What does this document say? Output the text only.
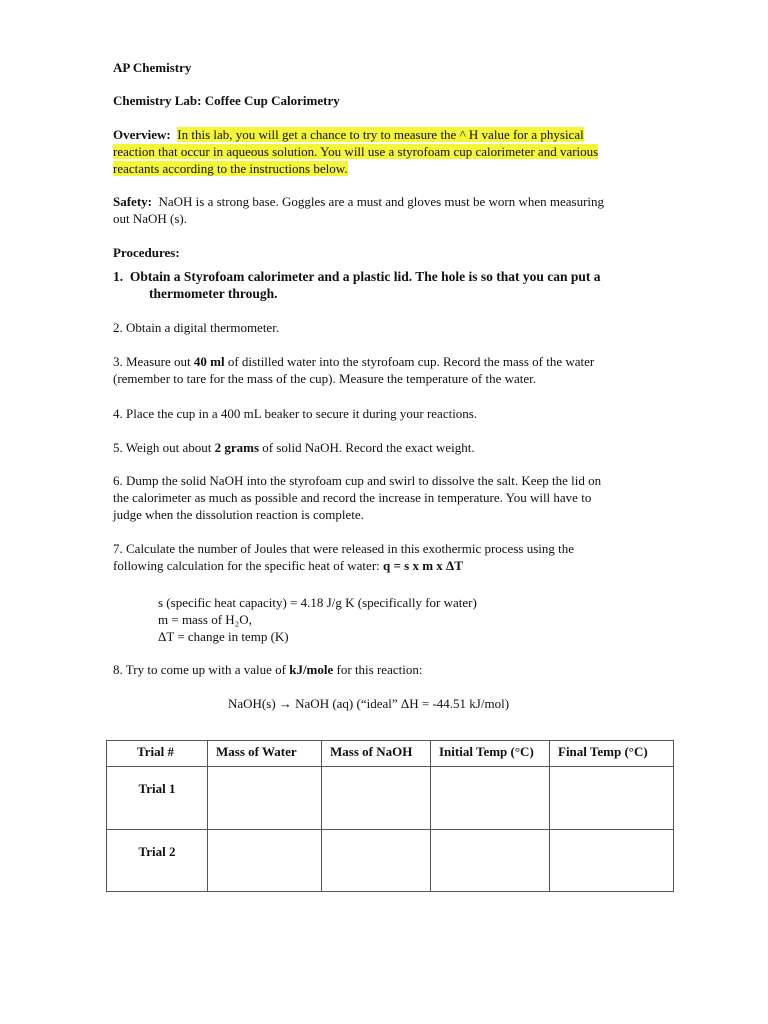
AP Chemistry
Chemistry Lab: Coffee Cup Calorimetry
Overview: In this lab, you will get a chance to try to measure the ^ H value for a physical
reaction that occur in aqueous solution. You will use a styrofoam cup calorimeter and various
reactants according to the instructions below.
Safety: NaOH is a strong base. Goggles are a must and gloves must be worn when measuring
out NaOH (s).
Procedures:
1. Obtain a Styrofoam calorimeter and a plastic lid. The hole is so that you can put a
thermometer through.
2. Obtain a digital thermometer.
3. Measure out 40 ml of distilled water into the styrofoam cup. Record the mass of the water
(remember to tare for the mass of the cup). Measure the temperature of the water.
4. Place the cup in a 400 mL beaker to secure it during your reactions.
5. Weigh out about 2 grams of solid NaOH. Record the exact weight.
6. Dump the solid NaOH into the styrofoam cup and swirl to dissolve the salt. Keep the lid on
the calorimeter as much as possible and record the increase in temperature. You will have to
judge when the dissolution reaction is complete.
7. Calculate the number of Joules that were released in this exothermic process using the
following calculation for the specific heat of water: q = s x m x ΔT
s (specific heat capacity) = 4.18 J/g K (specifically for water)
m = mass of H₂O,
ΔT = change in temp (K)
8. Try to come up with a value of kJ/mole for this reaction:
NaOH(s) → NaOH (aq) (“ideal” ΔH = -44.51 kJ/mol)
Trial #	Mass of Water	Mass of NaOH	Initial Temp (°C)	Final Temp (°C)
Trial 1				
Trial 2				
